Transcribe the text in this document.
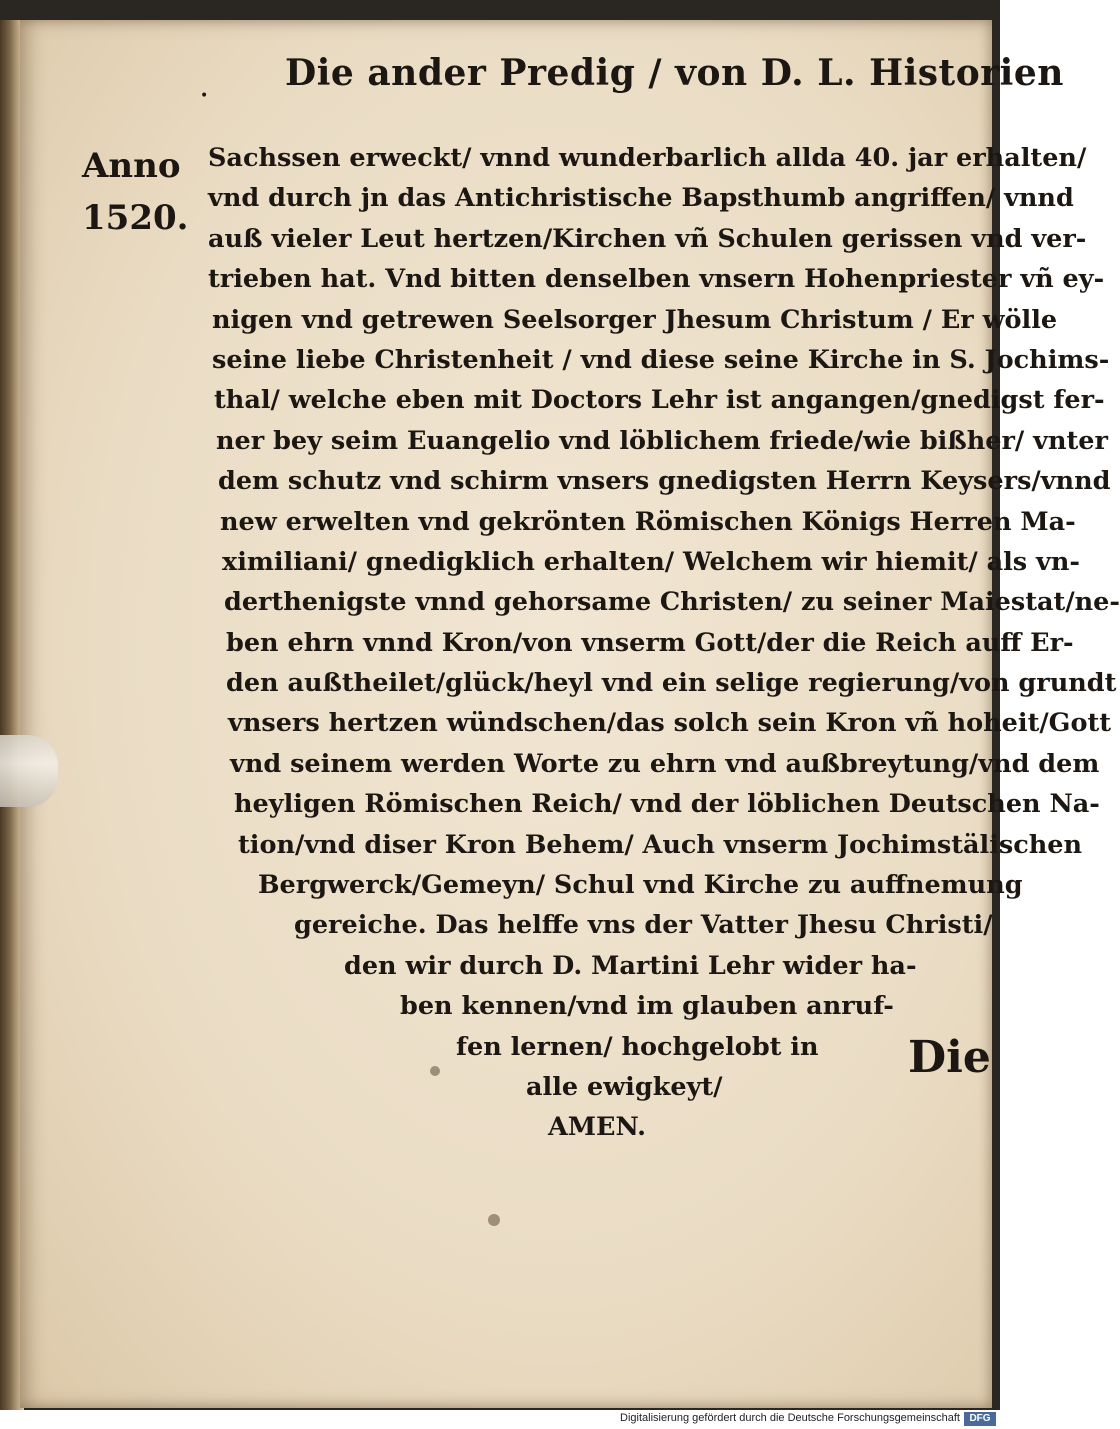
•
Die ander Predig / von D. L. Historien
Anno
1520.
Sachssen erweckt/ vnnd wunderbarlich allda 40. jar erhalten/
vnd durch jn das Antichristische Bapsthumb angriffen/ vnnd
auß vieler Leut hertzen/Kirchen vñ Schulen gerissen vnd ver-
trieben hat. Vnd bitten denselben vnsern Hohenpriester vñ ey-
nigen vnd getrewen Seelsorger Jhesum Christum / Er wölle
seine liebe Christenheit / vnd diese seine Kirche in S. Jochims-
thal/ welche eben mit Doctors Lehr ist angangen/gnedigst fer-
ner bey seim Euangelio vnd löblichem friede/wie bißher/ vnter
dem schutz vnd schirm vnsers gnedigsten Herrn Keysers/vnnd
new erwelten vnd gekrönten Römischen Königs Herren Ma-
ximiliani/ gnedigklich erhalten/ Welchem wir hiemit/ als vn-
derthenigste vnnd gehorsame Christen/ zu seiner Maiestat/ne-
ben ehrn vnnd Kron/von vnserm Gott/der die Reich auff Er-
den außtheilet/glück/heyl vnd ein selige regierung/von grundt
vnsers hertzen wündschen/das solch sein Kron vñ hoheit/Gott
vnd seinem werden Worte zu ehrn vnd außbreytung/vnd dem
heyligen Römischen Reich/ vnd der löblichen Deutschen Na-
tion/vnd diser Kron Behem/ Auch vnserm Jochimstälischen
Bergwerck/Gemeyn/ Schul vnd Kirche zu auffnemung
gereiche. Das helffe vns der Vatter Jhesu Christi/
den wir durch D. Martini Lehr wider ha-
ben kennen/vnd im glauben anruf-
fen lernen/ hochgelobt in
alle ewigkeyt/
AMEN.
Die
Digitalisierung gefördert durch die Deutsche Forschungsgemeinschaft DFG
